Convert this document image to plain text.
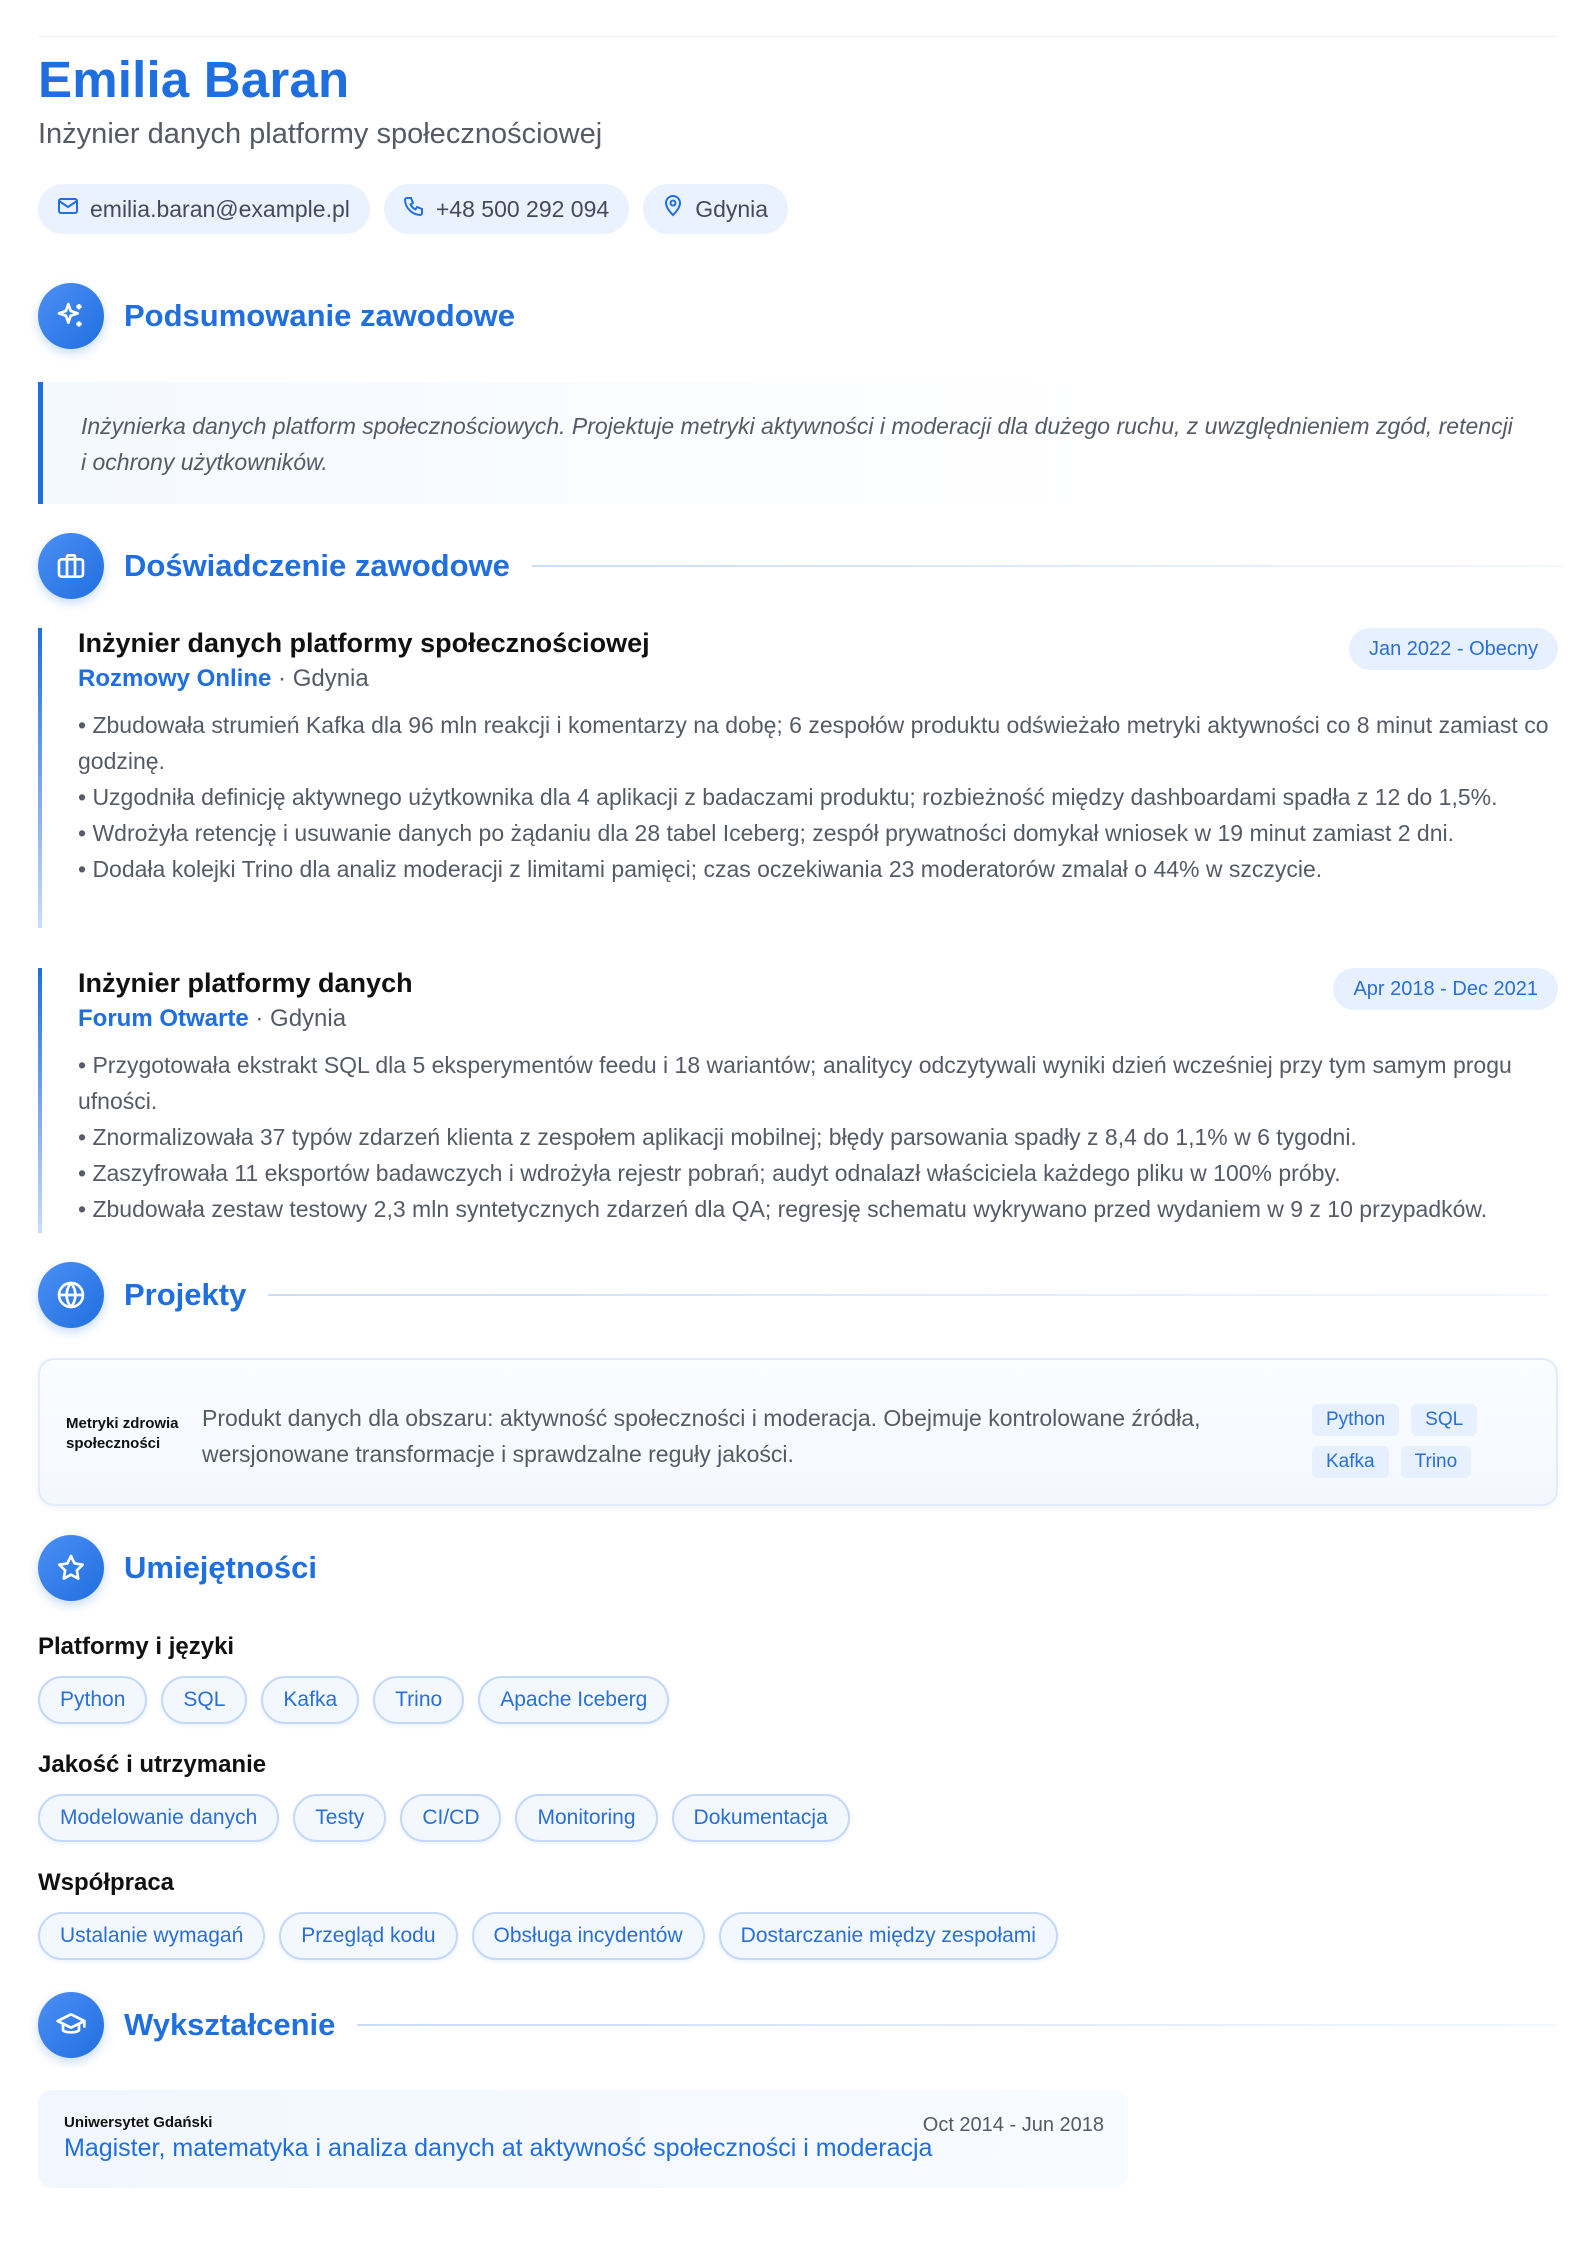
Emilia Baran
Inżynier danych platformy społecznościowej
emilia.baran@example.pl	+48 500 292 094	Gdynia
Podsumowanie zawodowe
Inżynierka danych platform społecznościowych. Projektuje metryki aktywności i moderacji dla dużego ruchu, z uwzględnieniem zgód, retencji i ochrony użytkowników.
Doświadczenie zawodowe
Inżynier danych platformy społecznościowej
Rozmowy Online · Gdynia
Jan 2022 - Obecny
• Zbudowała strumień Kafka dla 96 mln reakcji i komentarzy na dobę; 6 zespołów produktu odświeżało metryki aktywności co 8 minut zamiast co godzinę.
• Uzgodniła definicję aktywnego użytkownika dla 4 aplikacji z badaczami produktu; rozbieżność między dashboardami spadła z 12 do 1,5%.
• Wdrożyła retencję i usuwanie danych po żądaniu dla 28 tabel Iceberg; zespół prywatności domykał wniosek w 19 minut zamiast 2 dni.
• Dodała kolejki Trino dla analiz moderacji z limitami pamięci; czas oczekiwania 23 moderatorów zmalał o 44% w szczycie.
Inżynier platformy danych
Forum Otwarte · Gdynia
Apr 2018 - Dec 2021
• Przygotowała ekstrakt SQL dla 5 eksperymentów feedu i 18 wariantów; analitycy odczytywali wyniki dzień wcześniej przy tym samym progu ufności.
• Znormalizowała 37 typów zdarzeń klienta z zespołem aplikacji mobilnej; błędy parsowania spadły z 8,4 do 1,1% w 6 tygodni.
• Zaszyfrowała 11 eksportów badawczych i wdrożyła rejestr pobrań; audyt odnalazł właściciela każdego pliku w 100% próby.
• Zbudowała zestaw testowy 2,3 mln syntetycznych zdarzeń dla QA; regresję schematu wykrywano przed wydaniem w 9 z 10 przypadków.
Projekty
Metryki zdrowia społeczności
Produkt danych dla obszaru: aktywność społeczności i moderacja. Obejmuje kontrolowane źródła, wersjonowane transformacje i sprawdzalne reguły jakości.
Python	SQL
Kafka	Trino
Umiejętności
Platformy i języki
Python	SQL	Kafka	Trino	Apache Iceberg
Jakość i utrzymanie
Modelowanie danych	Testy	CI/CD	Monitoring	Dokumentacja
Współpraca
Ustalanie wymagań	Przegląd kodu	Obsługa incydentów	Dostarczanie między zespołami
Wykształcenie
Uniwersytet Gdański
Magister, matematyka i analiza danych at aktywność społeczności i moderacja
Oct 2014 - Jun 2018
